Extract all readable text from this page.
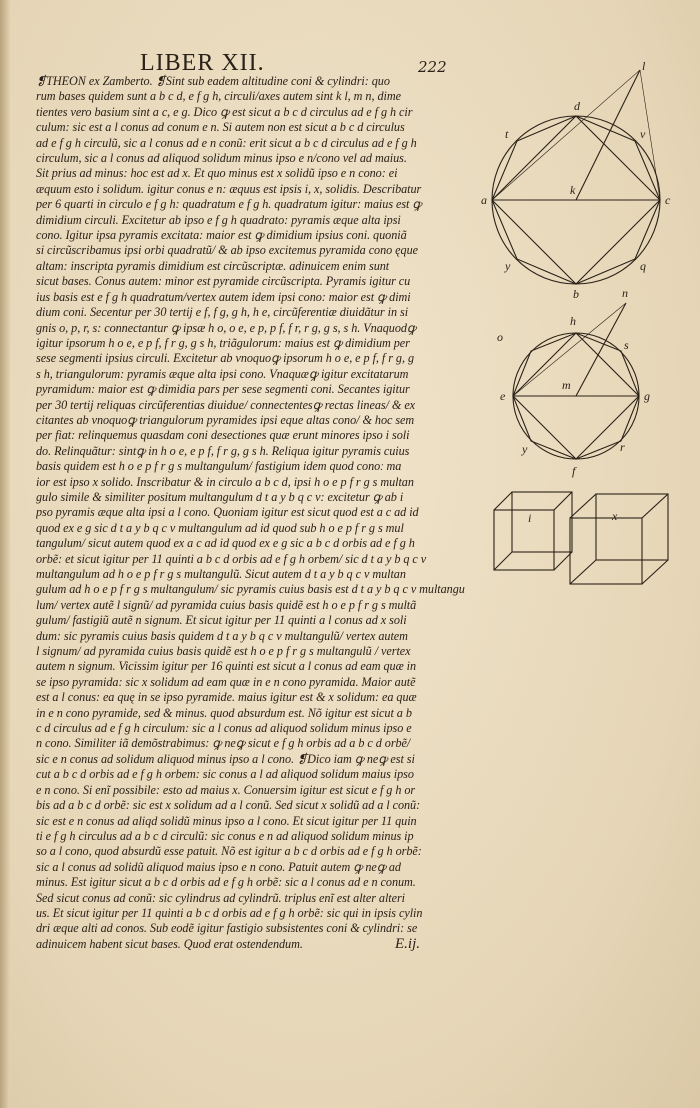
LIBER XII.	222
❡THEON ex Zamberto. ❡Sint sub eadem altitudine coni & cylindri: quo
rum bases quidem sunt a b c d, e f g h, circuli/axes autem sint k l, m n, dime
tientes vero basium sint a c, e g. Dico ꝙ est sicut a b c d circulus ad e f g h cir
culum: sic est a l conus ad conum e n. Si autem non est sicut a b c d circulus
ad e f g h circulũ, sic a l conus ad e n conũ: erit sicut a b c d circulus ad e f g h
circulum, sic a l conus ad aliquod solidum minus ipso e n/cono vel ad maius.
Sit prius ad minus: hoc est ad x. Et quo minus est x solidũ ipso e n cono: ei
æquum esto i solidum. igitur conus e n: æquus est ipsis i, x, solidis. Describatur
per 6 quarti in circulo e f g h: quadratum e f g h. quadratum igitur: maius est ꝙ
dimidium circuli. Excitetur ab ipso e f g h quadrato: pyramis æque alta ipsi
cono. Igitur ipsa pyramis excitata: maior est ꝙ dimidium ipsius coni. quoniã
si circũscribamus ipsi orbi quadratũ/ & ab ipso excitemus pyramida cono ęque
altam: inscripta pyramis dimidium est circũscriptæ. adinuicem enim sunt
sicut bases. Conus autem: minor est pyramide circũscripta. Pyramis igitur cu
ius basis est e f g h quadratum/vertex autem idem ipsi cono: maior est ꝙ dimi
dium coni. Secentur per 30 tertij e f, f g, g h, h e, circũferentiæ diuidãtur in si
gnis o, p, r, s: connectantur ꝙ ipsæ h o, o e, e p, p f, f r, r g, g s, s h. Vnaquodꝙ
igitur ipsorum h o e, e p f, f r g, g s h, triãgulorum: maius est ꝙ dimidium per
sese segmenti ipsius circuli. Excitetur ab vnoquoꝙ ipsorum h o e, e p f, f r g, g
s h, triangulorum: pyramis æque alta ipsi cono. Vnaquæꝙ igitur excitatarum
pyramidum: maior est ꝙ dimidia pars per sese segmenti coni. Secantes igitur
per 30 tertij reliquas circũferentias diuidue/ connectentesꝙ rectas lineas/ & ex
citantes ab vnoquoꝙ triangulorum pyramides ipsi eque altas cono/ & hoc sem
per fiat: relinquemus quasdam coni desectiones quæ erunt minores ipso i soli
do. Relinquãtur: sintꝙ in h o e, e p f, f r g, g s h. Reliqua igitur pyramis cuius
basis quidem est h o e p f r g s multangulum/ fastigium idem quod conoː ma
ior est ipso x solido. Inscribatur & in circulo a b c d, ipsi h o e p f r g s multan
gulo simile & similiter positum multangulum d t a y b q c v: excitetur ꝙ ab i
pso pyramis æque alta ipsi a l cono. Quoniam igitur est sicut quod est a c ad id
quod ex e g sic d t a y b q c v multangulum ad id quod sub h o e p f r g s mul
tangulum/ sicut autem quod ex a c ad id quod ex e g sic a b c d orbis ad e f g h
orbẽ: et sicut igitur per 11 quinti a b c d orbis ad e f g h orbem/ sic d t a y b q c v
multangulum ad h o e p f r g s multangulũ. Sicut autem d t a y b q c v multan
gulum ad h o e p f r g s multangulum/ sic pyramis cuius basis est d t a y b q c v multangu
lum/ vertex autẽ l signũ/ ad pyramida cuius basis quidẽ est h o e p f r g s multã
gulum/ fastigiũ autẽ n signum. Et sicut igitur per 11 quinti a l conus ad x soli
dum: sic pyramis cuius basis quidem d t a y b q c v multangulũ/ vertex autem
l signum/ ad pyramida cuius basis quidẽ est h o e p f r g s multangulũ / vertex
autem n signum. Vicissim igitur per 16 quinti est sicut a l conus ad eam quæ in
se ipso pyramida: sic x solidum ad eam quæ in e n cono pyramida. Maior autẽ
est a l conus: ea quę in se ipso pyramide. maius igitur est & x solidum: ea quæ
in e n cono pyramide, sed & minus. quod absurdum est. Nõ igitur est sicut a b
c d circulus ad e f g h circulum: sic a l conus ad aliquod solidum minus ipso e
n cono. Similiter iã demõstrabimus: ꝙ neꝙ sicut e f g h orbis ad a b c d orbẽ/
sic e n conus ad solidum aliquod minus ipso a l cono. ❡Dico iam ꝙ neꝙ est si
cut a b c d orbis ad e f g h orbem: sic conus a l ad aliquod solidum maius ipso
e n cono. Si enĩ possibile: esto ad maius x. Conuersim igitur est sicut e f g h or
bis ad a b c d orbẽ: sic est x solidum ad a l conũ. Sed sicut x solidũ ad a l conũ:
sic est e n conus ad aliqd solidũ minus ipso a l cono. Et sicut igitur per 11 quin
ti e f g h circulus ad a b c d circulũ: sic conus e n ad aliquod solidum minus ip
so a l cono, quod absurdũ esse patuit. Nõ est igitur a b c d orbis ad e f g h orbẽ:
sic a l conus ad solidũ aliquod maius ipso e n cono. Patuit autem ꝙ neꝙ ad
minus. Est igitur sicut a b c d orbis ad e f g h orbẽ: sic a l conus ad e n conum.
Sed sicut conus ad conũ: sic cylindrus ad cylindrũ. triplus enĩ est alter alteri
us. Et sicut igitur per 11 quinti a b c d orbis ad e f g h orbẽ: sic qui in ipsis cylin
dri æque alti ad conos. Sub eodẽ igitur fastigio subsistentes coni & cylindri: se
adinuicem habent sicut bases. Quod erat ostendendum.	E.ij.
l
d
t	v
a
k
c
y	q
b	n
h
o
s
m
e	g
y	r
f
i	x
